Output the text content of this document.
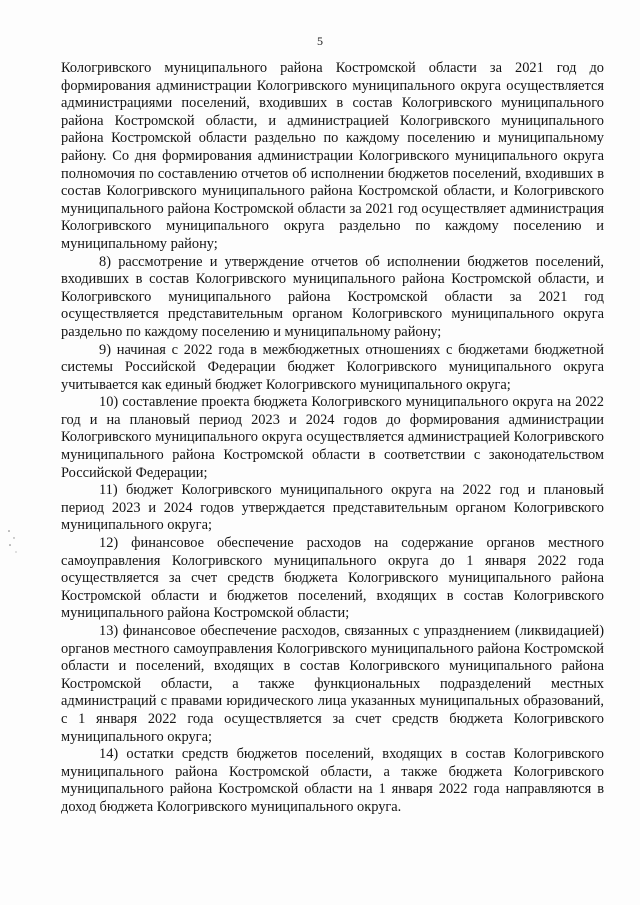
5

Кологривского муниципального района Костромской области за 2021 год до формирования администрации Кологривского муниципального округа осуществляется администрациями поселений, входивших в состав Кологривского муниципального района Костромской области, и администрацией Кологривского муниципального района Костромской области раздельно по каждому поселению и муниципальному району. Со дня формирования администрации Кологривского муниципального округа полномочия по составлению отчетов об исполнении бюджетов поселений, входивших в состав Кологривского муниципального района Костромской области, и Кологривского муниципального района Костромской области за 2021 год осуществляет администрация Кологривского муниципального округа раздельно по каждому поселению и муниципальному району;

8) рассмотрение и утверждение отчетов об исполнении бюджетов поселений, входивших в состав Кологривского муниципального района Костромской области, и Кологривского муниципального района Костромской области за 2021 год осуществляется представительным органом Кологривского муниципального округа раздельно по каждому поселению и муниципальному району;

9) начиная с 2022 года в межбюджетных отношениях с бюджетами бюджетной системы Российской Федерации бюджет Кологривского муниципального округа учитывается как единый бюджет Кологривского муниципального округа;

10) составление проекта бюджета Кологривского муниципального округа на 2022 год и на плановый период 2023 и 2024 годов до формирования администрации Кологривского муниципального округа осуществляется администрацией Кологривского муниципального района Костромской области в соответствии с законодательством Российской Федерации;

11) бюджет Кологривского муниципального округа на 2022 год и плановый период 2023 и 2024 годов утверждается представительным органом Кологривского муниципального округа;

12) финансовое обеспечение расходов на содержание органов местного самоуправления Кологривского муниципального округа до 1 января 2022 года осуществляется за счет средств бюджета Кологривского муниципального района Костромской области и бюджетов поселений, входящих в состав Кологривского муниципального района Костромской области;

13) финансовое обеспечение расходов, связанных с упразднением (ликвидацией) органов местного самоуправления Кологривского муниципального района Костромской области и поселений, входящих в состав Кологривского муниципального района Костромской области, а также функциональных подразделений местных администраций с правами юридического лица указанных муниципальных образований, с 1 января 2022 года осуществляется за счет средств бюджета Кологривского муниципального округа;

14) остатки средств бюджетов поселений, входящих в состав Кологривского муниципального района Костромской области, а также бюджета Кологривского муниципального района Костромской области на 1 января 2022 года направляются в доход бюджета Кологривского муниципального округа.
